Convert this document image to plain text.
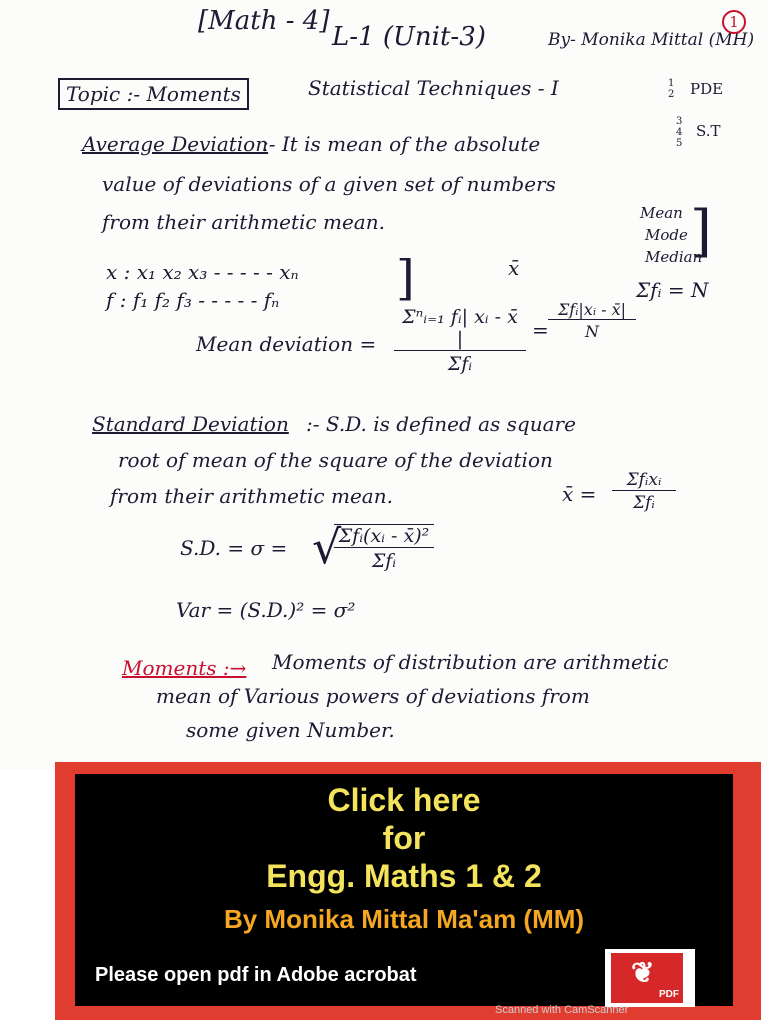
[Math - 4]
L-1 (Unit-3)	By- Monika Mittal (MH)
1
Topic :- Moments	Statistical Techniques - I	1
2 PDE
3
4
5
S.T
Mean
Mode
Median
]
Average Deviation
:- It is mean of the absolute
value of deviations of a given set of numbers
from their arithmetic mean.
x : x₁ x₂ x₃ - - - - - xₙ
f : f₁ f₂ f₃ - - - - - fₙ ]	x̄
Σfᵢ = N
Mean deviation =
Σⁿᵢ₌₁ fᵢ| xᵢ - x̄ |
Σfᵢ
=
Σfᵢ|xᵢ - x̄|
N
Standard Deviation :- S.D. is defined as square
root of mean of the square of the deviation
from their arithmetic mean.	x̄ =
Σfᵢxᵢ
Σfᵢ
S.D. = σ = √
Σfᵢ(xᵢ - x̄)²
Σfᵢ
Var = (S.D.)² = σ²
Moments :→ Moments of distribution are arithmetic
mean of Various powers of deviations from
some given Number.
Click here
for
Engg. Maths 1 & 2
By Monika Mittal Ma'am (MM)
Please open pdf in Adobe acrobat	❦
PDF
Scanned with CamScanner
